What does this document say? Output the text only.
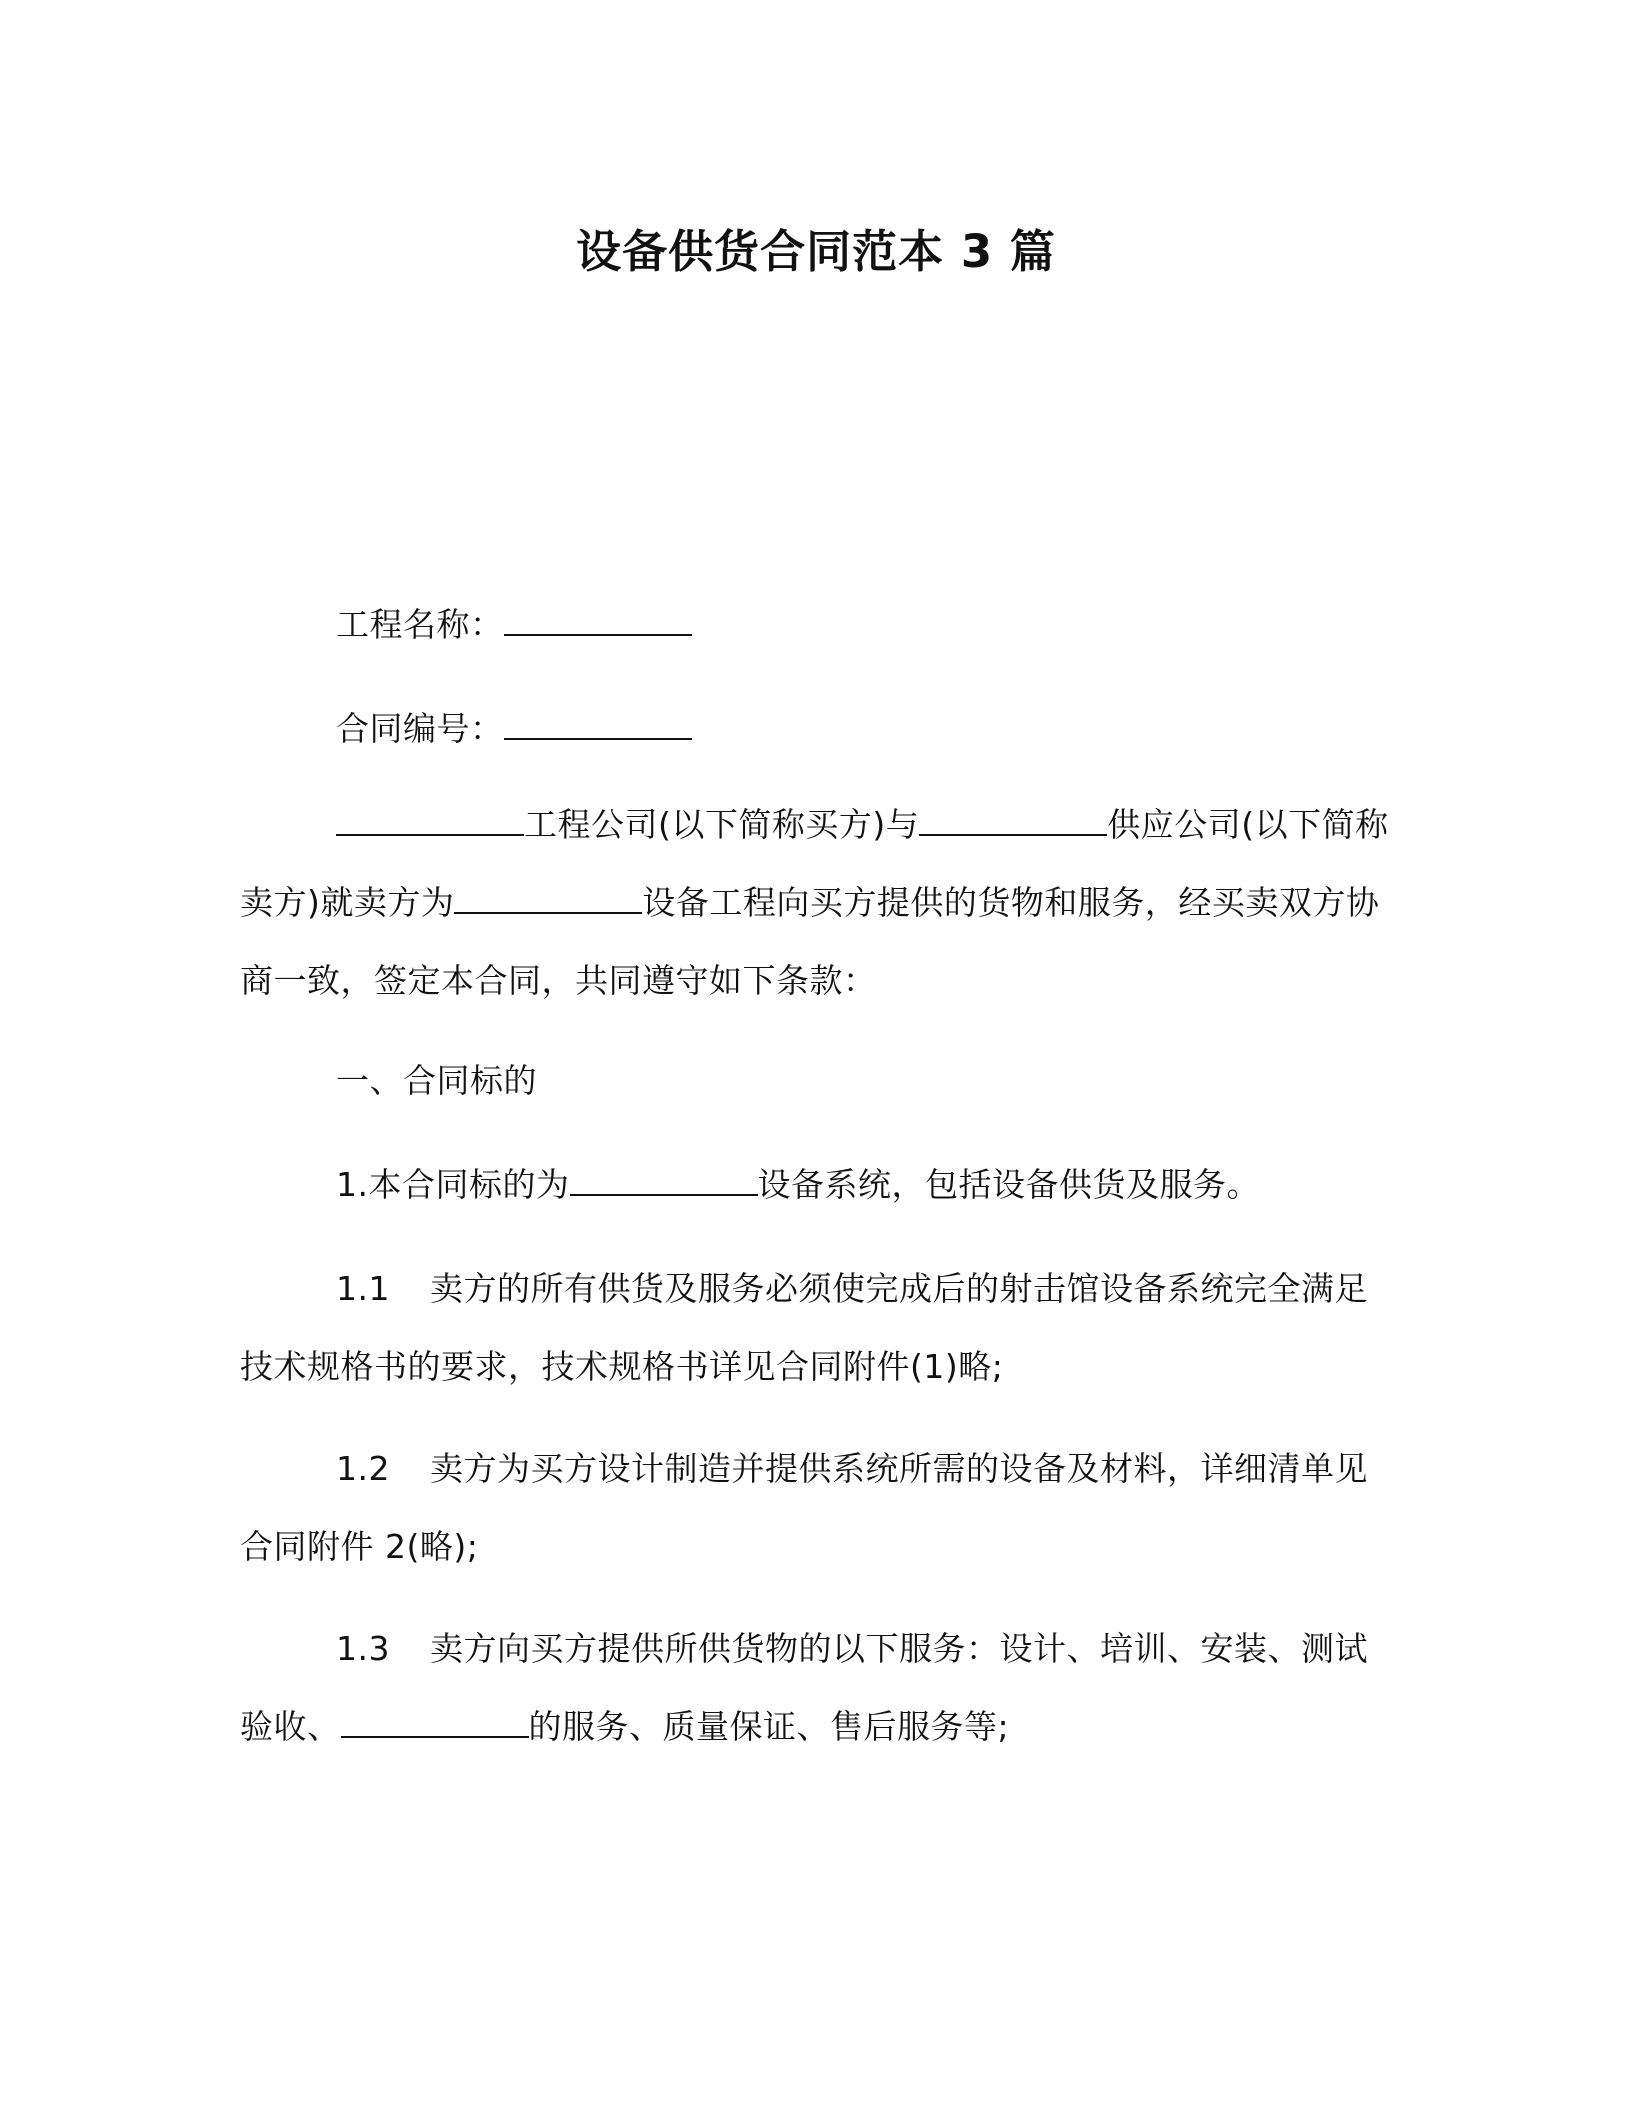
设备供货合同范本 3 篇
工程名称：
合同编号：
工程公司(以下简称买方)与	供应公司(以下简称卖方)就卖方为	设备工程向买方提供的货物和服务，经买卖双方协商一致，签定本合同，共同遵守如下条款：
一、合同标的
1.本合同标的为	设备系统，包括设备供货及服务。
1.1 卖方的所有供货及服务必须使完成后的射击馆设备系统完全满足技术规格书的要求，技术规格书详见合同附件(1)略;
1.2 卖方为买方设计制造并提供系统所需的设备及材料，详细清单见合同附件 2(略);
1.3 卖方向买方提供所供货物的以下服务：设计、培训、安装、测试验收、	的服务、质量保证、售后服务等;
